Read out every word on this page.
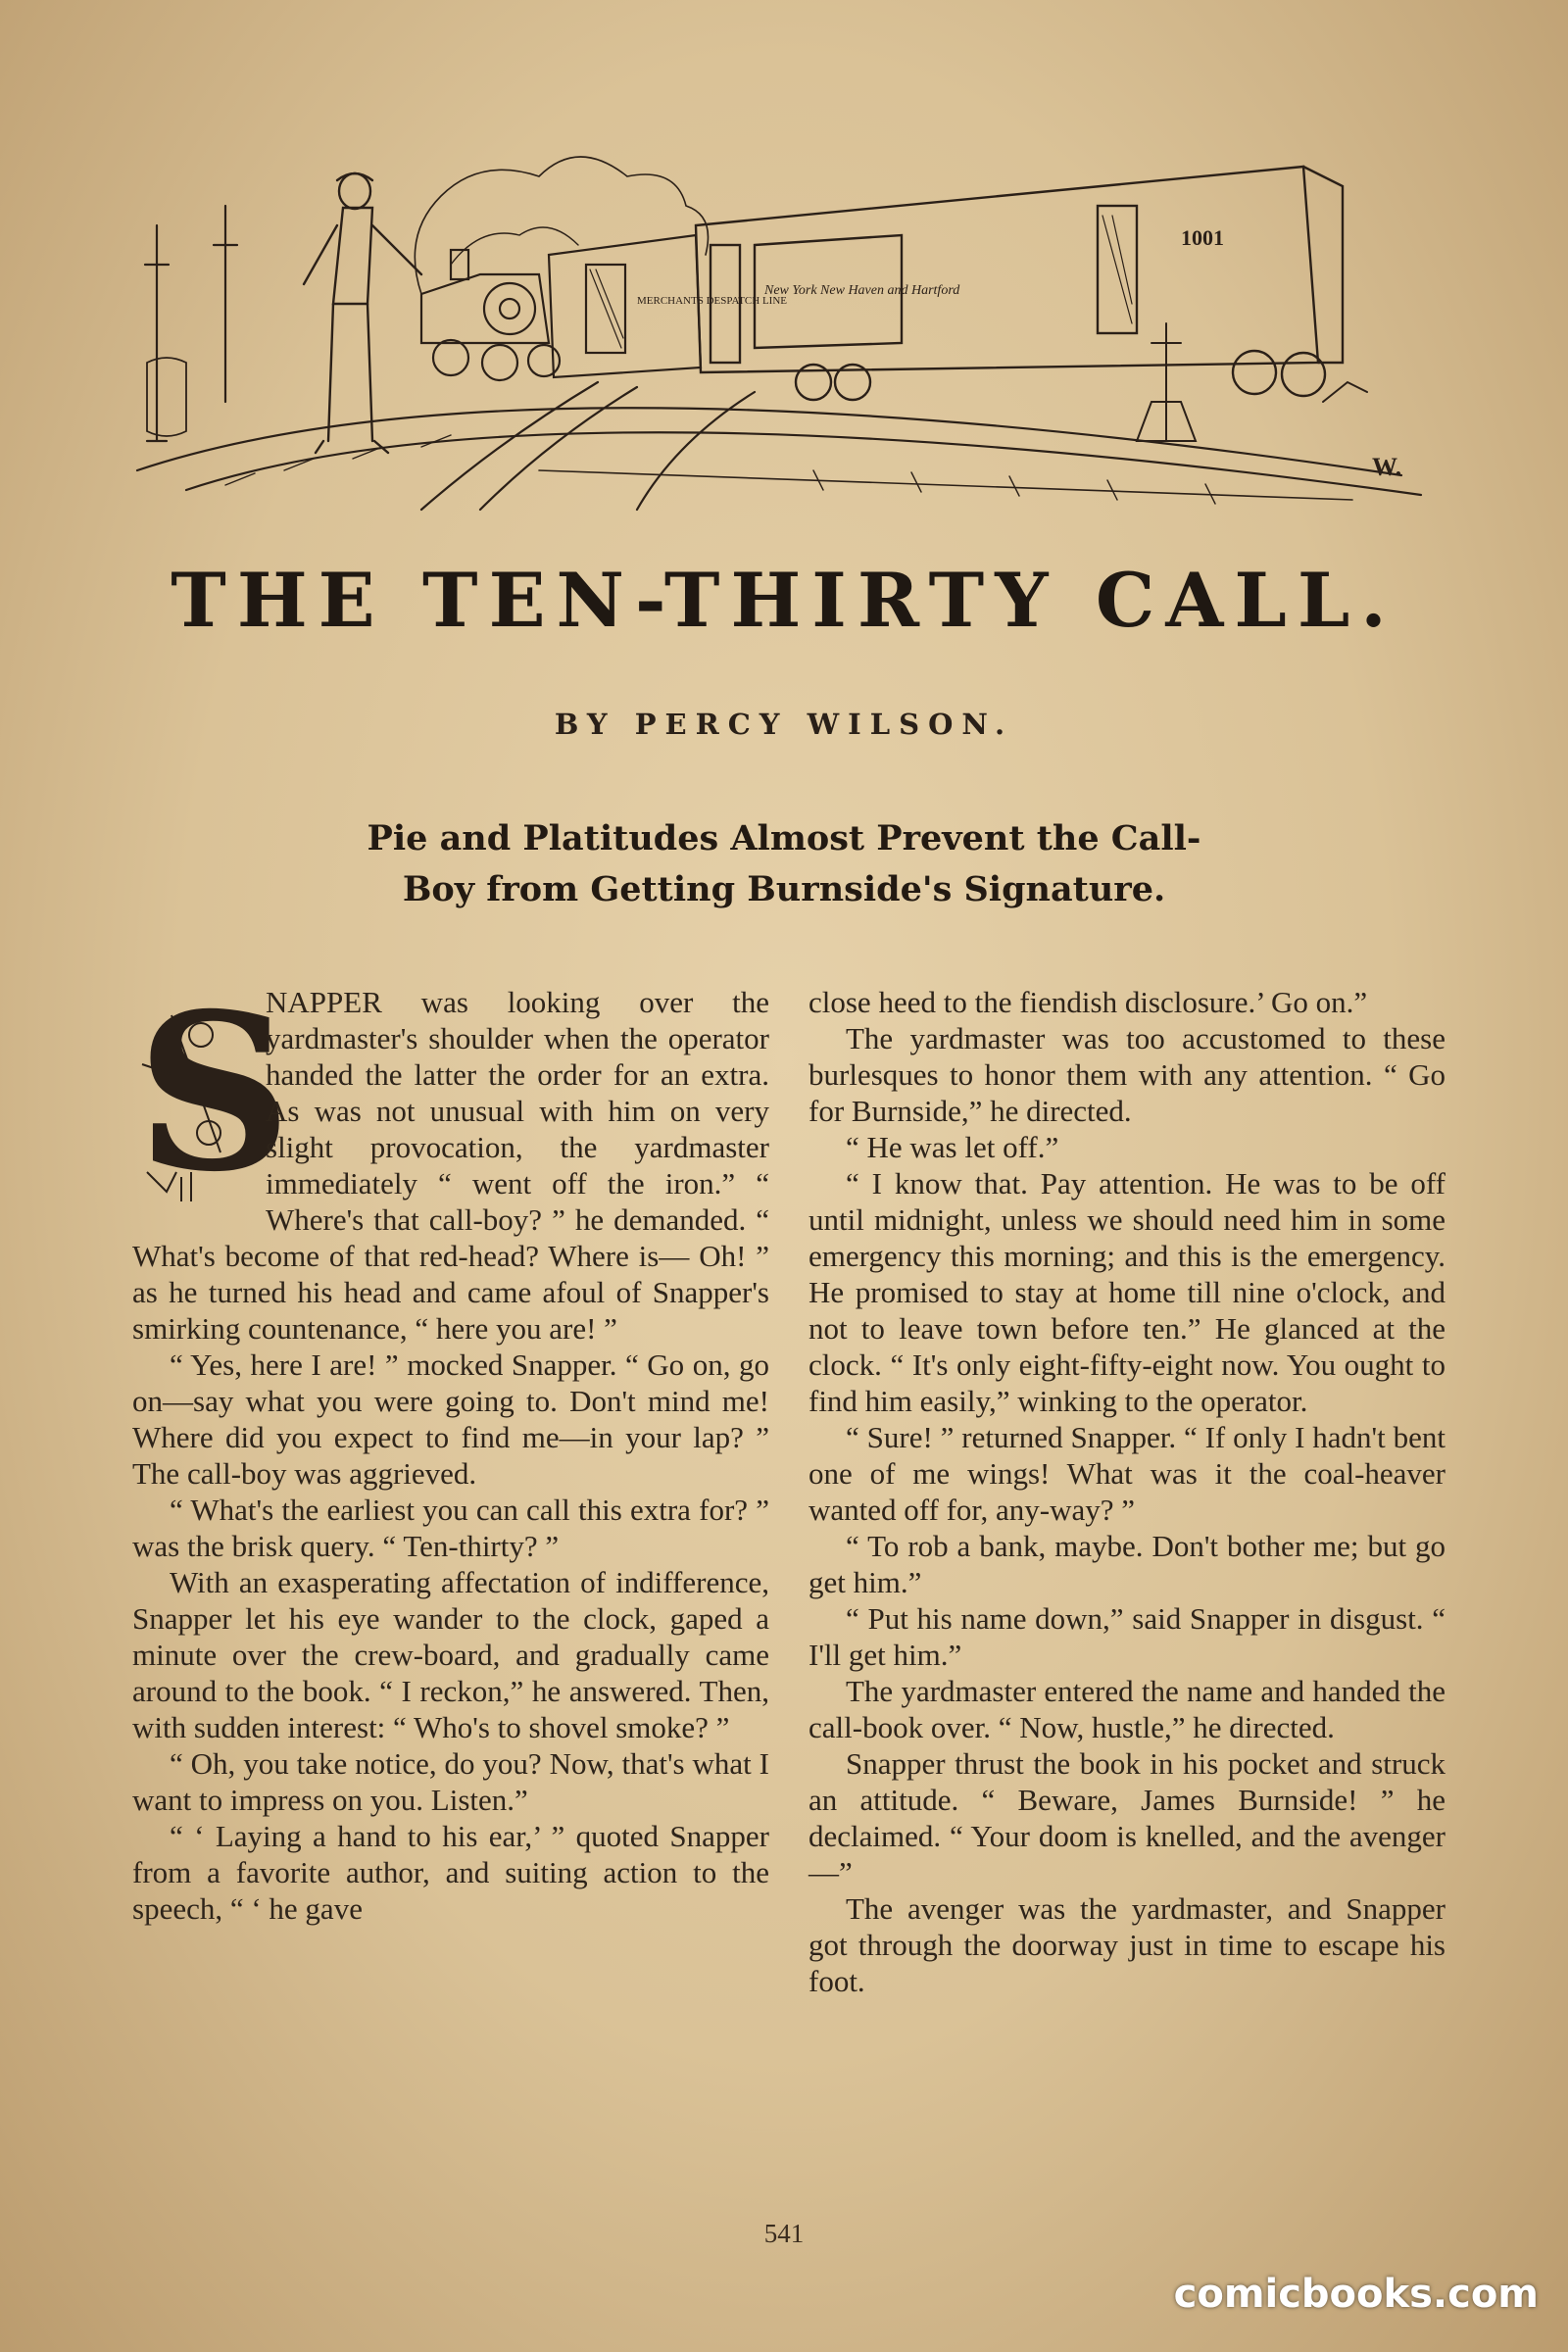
MERCHANTS DESPATCH LINE
New York New Haven and Hartford
1001
W.
THE TEN-THIRTY CALL.
BY PERCY WILSON.
Pie and Platitudes Almost Prevent the Call-Boy from Getting Burnside's Signature.
S

NAPPER was looking over the yardmaster's shoulder when the operator handed the latter the order for an extra. As was not unusual with him on very slight provocation, the yardmaster immediately “ went off the iron.” “ Where's that call-boy? ” he demanded. “ What's become of that red-head? Where is— Oh! ” as he turned his head and came afoul of Snapper's smirking countenance, “ here you are! ”

“ Yes, here I are! ” mocked Snapper. “ Go on, go on—say what you were going to. Don't mind me! Where did you expect to find me—in your lap? ” The call-boy was aggrieved.

“ What's the earliest you can call this extra for? ” was the brisk query. “ Ten-thirty? ”

With an exasperating affectation of indifference, Snapper let his eye wander to the clock, gaped a minute over the crew-board, and gradually came around to the book. “ I reckon,” he answered. Then, with sudden interest: “ Who's to shovel smoke? ”

“ Oh, you take notice, do you? Now, that's what I want to impress on you. Listen.”

“ ‘ Laying a hand to his ear,’ ” quoted Snapper from a favorite author, and suiting action to the speech, “ ‘ he gave

close heed to the fiendish disclosure.’ Go on.”

The yardmaster was too accustomed to these burlesques to honor them with any attention. “ Go for Burnside,” he directed.

“ He was let off.”

“ I know that. Pay attention. He was to be off until midnight, unless we should need him in some emergency this morning; and this is the emergency. He promised to stay at home till nine o'clock, and not to leave town before ten.” He glanced at the clock. “ It's only eight-fifty-eight now. You ought to find him easily,” winking to the operator.

“ Sure! ” returned Snapper. “ If only I hadn't bent one of me wings! What was it the coal-heaver wanted off for, any-way? ”

“ To rob a bank, maybe. Don't bother me; but go get him.”

“ Put his name down,” said Snapper in disgust. “ I'll get him.”

The yardmaster entered the name and handed the call-book over. “ Now, hustle,” he directed.

Snapper thrust the book in his pocket and struck an attitude. “ Beware, James Burnside! ” he declaimed. “ Your doom is knelled, and the avenger—”

The avenger was the yardmaster, and Snapper got through the doorway just in time to escape his foot.

541
comicbooks.com
